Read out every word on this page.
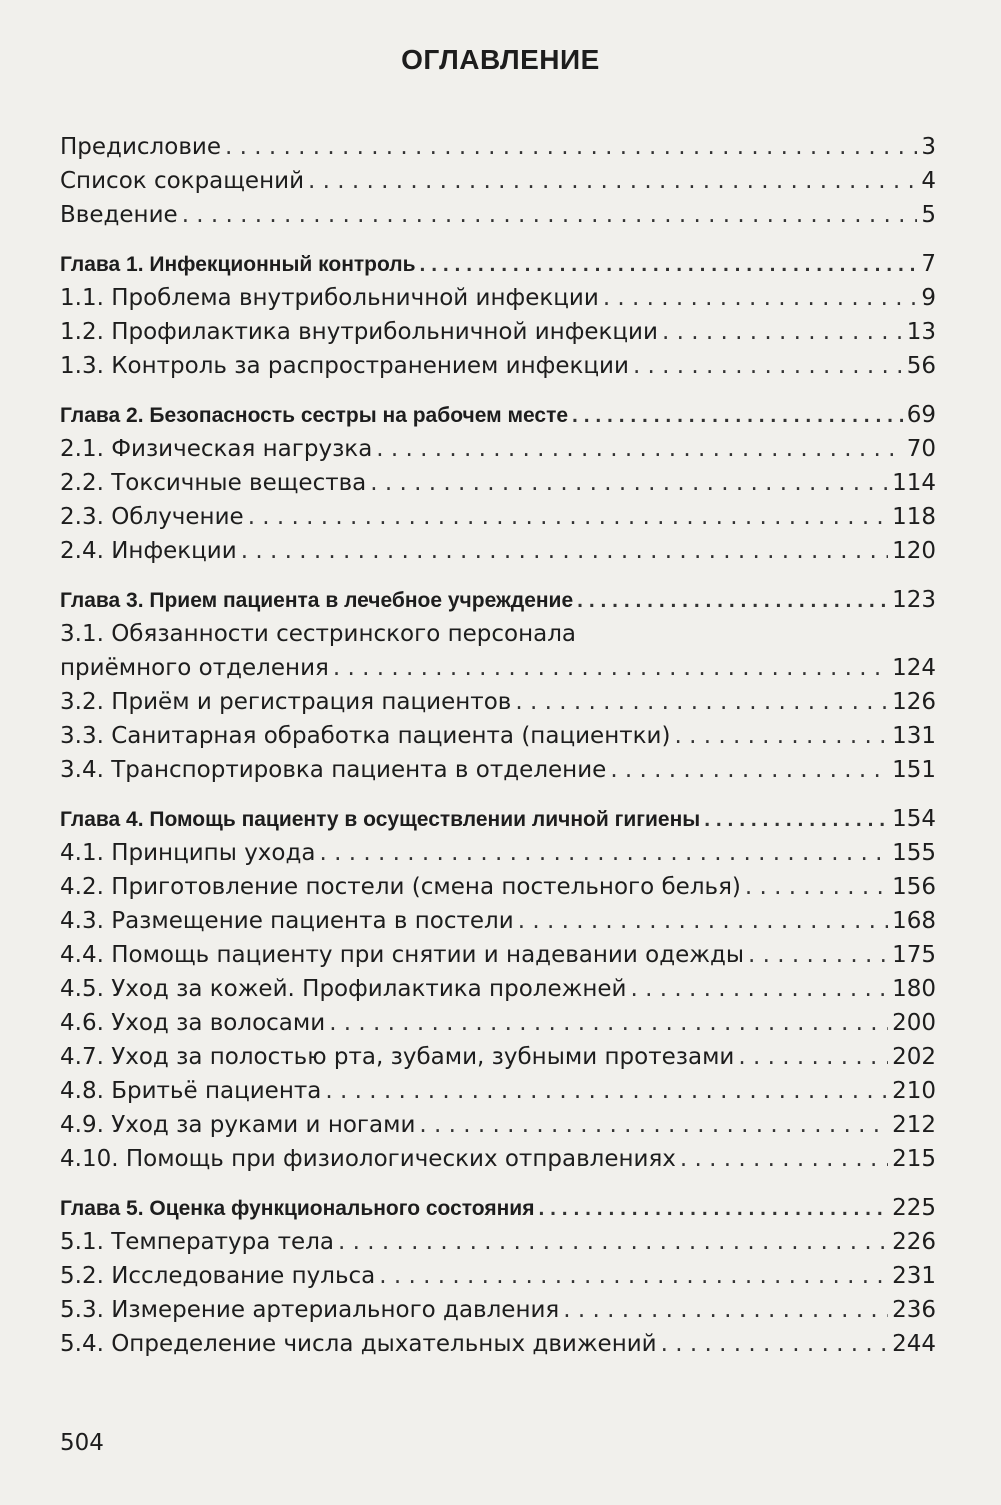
ОГЛАВЛЕНИЕ
Предисловие . . .	3
Список сокращений . . .	4
Введение . . .	5
Глава 1. Инфекционный контроль . . .	7
1.1. Проблема внутрибольничной инфекции . . .	9
1.2. Профилактика внутрибольничной инфекции . . .	13
1.3. Контроль за распространением инфекции . . .	56
Глава 2. Безопасность сестры на рабочем месте . . .	69
2.1. Физическая нагрузка . . .	70
2.2. Токсичные вещества . . .	114
2.3. Облучение . . .	118
2.4. Инфекции . . .	120
Глава 3. Прием пациента в лечебное учреждение . . .	123
3.1. Обязанности сестринского персонала
приёмного отделения . . .	124
3.2. Приём и регистрация пациентов . . .	126
3.3. Санитарная обработка пациента (пациентки) . . .	131
3.4. Транспортировка пациента в отделение . . .	151
Глава 4. Помощь пациенту в осуществлении личной гигиены . . .	154
4.1. Принципы ухода . . .	155
4.2. Приготовление постели (смена постельного белья) . . .	156
4.3. Размещение пациента в постели . . .	168
4.4. Помощь пациенту при снятии и надевании одежды . . .	175
4.5. Уход за кожей. Профилактика пролежней . . .	180
4.6. Уход за волосами . . .	200
4.7. Уход за полостью рта, зубами, зубными протезами . . .	202
4.8. Бритьё пациента . . .	210
4.9. Уход за руками и ногами . . .	212
4.10. Помощь при физиологических отправлениях . . .	215
Глава 5. Оценка функционального состояния . . .	225
5.1. Температура тела . . .	226
5.2. Исследование пульса . . .	231
5.3. Измерение артериального давления . . .	236
5.4. Определение числа дыхательных движений . . .	244
504
